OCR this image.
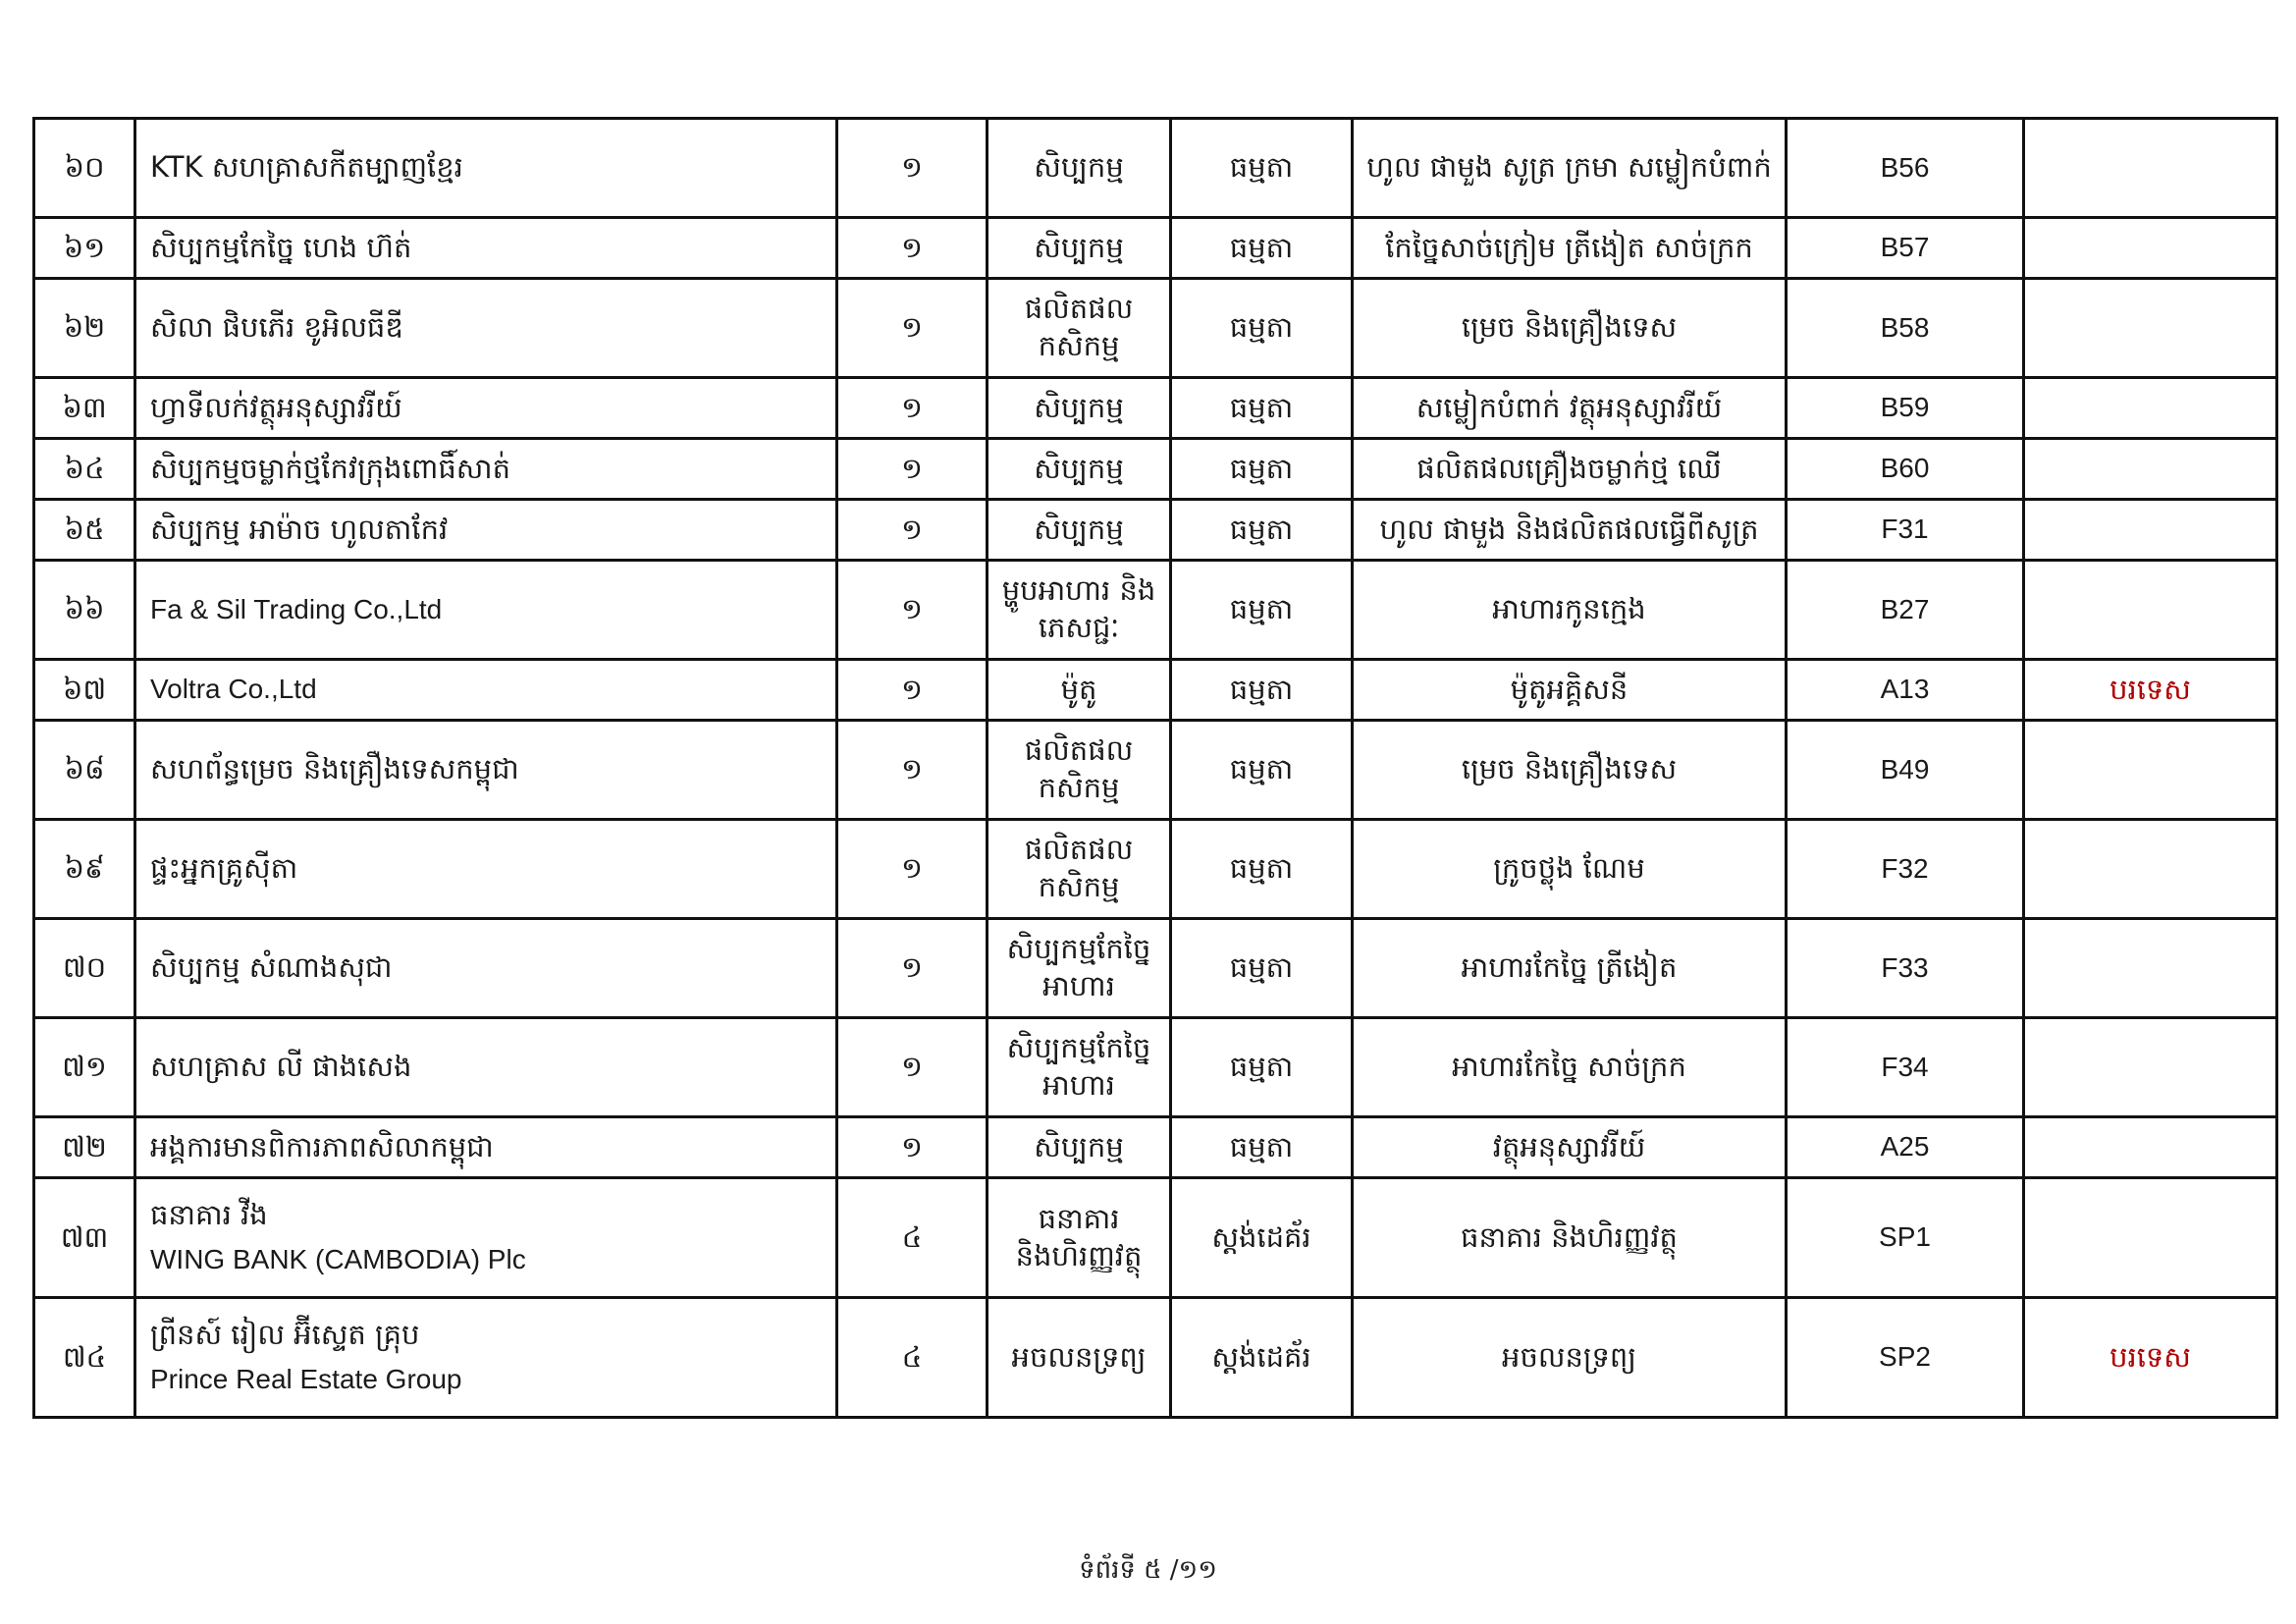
៦០	KTK សហគ្រាសកីតម្បាញខ្មែរ	១	សិប្បកម្ម	ធម្មតា	ហូល ផាមួង សូត្រ ក្រមា សម្លៀកបំពាក់	B56	
៦១	សិប្បកម្មកែច្នៃ ហេង ហ៊ត់	១	សិប្បកម្ម	ធម្មតា	កែច្នៃសាច់ក្រៀម ត្រីងៀត សាច់ក្រក	B57	
៦២	សិលា ផិបភើរ ខូអិលធីឌី	១	ផលិតផលកសិកម្ម	ធម្មតា	ម្រេច និងគ្រឿងទេស	B58	
៦៣	ហ្វាទីលក់វត្ថុអនុស្សាវរីយ៍	១	សិប្បកម្ម	ធម្មតា	សម្លៀកបំពាក់ វត្ថុអនុស្សាវរីយ៍	B59	
៦៤	សិប្បកម្មចម្លាក់ថ្មកែវក្រុងពោធិ៍សាត់	១	សិប្បកម្ម	ធម្មតា	ផលិតផលគ្រឿងចម្លាក់ថ្ម ឈើ	B60	
៦៥	សិប្បកម្ម អាម៉ាច ហូលតាកែវ	១	សិប្បកម្ម	ធម្មតា	ហូល ផាមួង និងផលិតផលធ្វើពីសូត្រ	F31	
៦៦	Fa & Sil Trading Co.,Ltd	១	ម្ហូបអាហារ និងភេសជ្ជៈ	ធម្មតា	អាហារកូនក្មេង	B27	
៦៧	Voltra Co.,Ltd	១	ម៉ូតូ	ធម្មតា	ម៉ូតូអគ្គិសនី	A13	បរទេស
៦៨	សហព័ន្ធម្រេច និងគ្រឿងទេសកម្ពុជា	១	ផលិតផលកសិកម្ម	ធម្មតា	ម្រេច និងគ្រឿងទេស	B49	
៦៩	ផ្ទះអ្នកគ្រូស៊ីតា	១	ផលិតផលកសិកម្ម	ធម្មតា	ក្រូចថ្លុង ណែម	F32	
៧០	សិប្បកម្ម សំណាងសុជា	១	សិប្បកម្មកែច្នៃអាហារ	ធម្មតា	អាហារកែច្នៃ ត្រីងៀត	F33	
៧១	សហគ្រាស លី ផាងសេង	១	សិប្បកម្មកែច្នៃអាហារ	ធម្មតា	អាហារកែច្នៃ សាច់ក្រក	F34	
៧២	អង្គការមានពិការភាពសិលាកម្ពុជា	១	សិប្បកម្ម	ធម្មតា	វត្ថុអនុស្សាវរីយ៍	A25	
៧៣	ធនាគារ វីង
WING BANK (CAMBODIA) Plc	៤	ធនាគារ និងហិរញ្ញវត្ថុ	ស្តង់ដេគ័រ	ធនាគារ និងហិរញ្ញវត្ថុ	SP1	
៧៤	ព្រីនស៍ រៀល អ៊ីស្ទេត គ្រុប
Prince Real Estate Group	៤	អចលនទ្រព្យ	ស្តង់ដេគ័រ	អចលនទ្រព្យ	SP2	បរទេស
ទំព័រទី ៥ /១១
